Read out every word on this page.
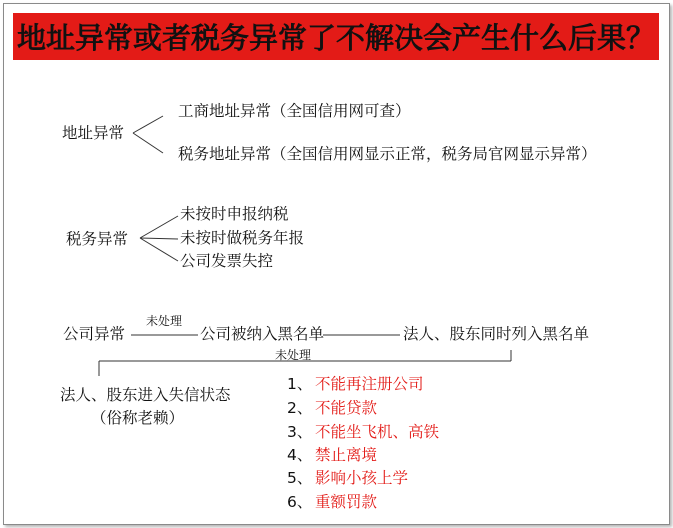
地址异常或者税务异常了不解决会产生什么后果？
地址异常
工商地址异常（全国信用网可查）
税务地址异常（全国信用网显示正常，税务局官网显示异常）
税务异常
未按时申报纳税
未按时做税务年报
公司发票失控
公司异常
未处理
公司被纳入黑名单	法人、股东同时列入黑名单
未处理
法人、股东进入失信状态
（俗称老赖）
1、 不能再注册公司
2、 不能贷款
3、 不能坐飞机、高铁
4、 禁止离境
5、 影响小孩上学
6、 重额罚款
